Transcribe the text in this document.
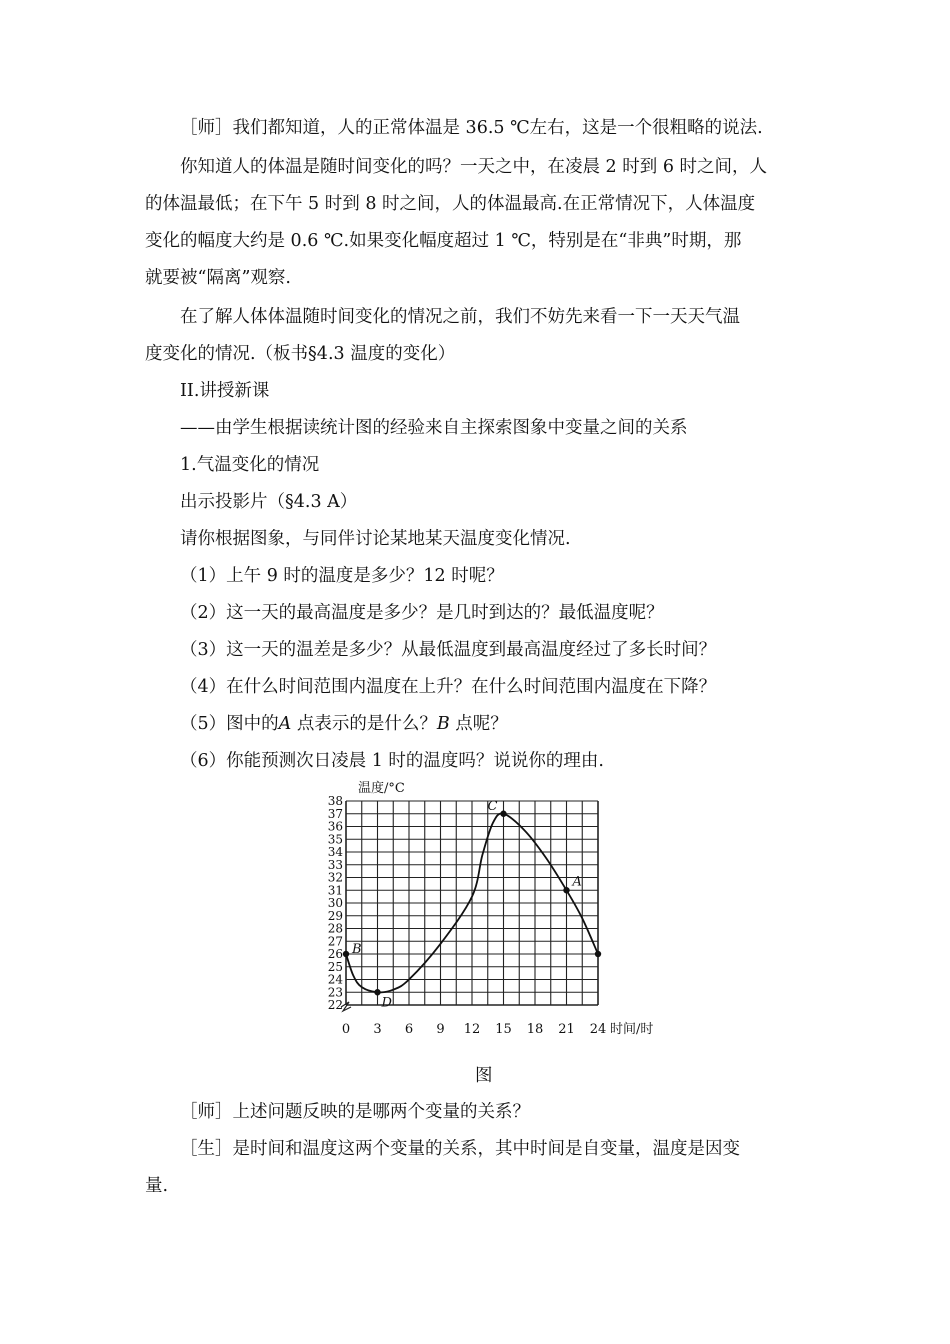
［师］我们都知道，人的正常体温是 36.5 ℃左右，这是一个很粗略的说法.
你知道人的体温是随时间变化的吗？一天之中，在凌晨 2 时到 6 时之间，人
的体温最低；在下午 5 时到 8 时之间，人的体温最高.在正常情况下，人体温度
变化的幅度大约是 0.6 ℃.如果变化幅度超过 1 ℃，特别是在“非典”时期，那
就要被“隔离”观察.
在了解人体体温随时间变化的情况之前，我们不妨先来看一下一天天气温
度变化的情况.（板书§4.3 温度的变化）
II.讲授新课
——由学生根据读统计图的经验来自主探索图象中变量之间的关系
1.气温变化的情况
出示投影片（§4.3 A）
请你根据图象，与同伴讨论某地某天温度变化情况.
（1）上午 9 时的温度是多少？12 时呢？
（2）这一天的最高温度是多少？是几时到达的？最低温度呢？
（3）这一天的温差是多少？从最低温度到最高温度经过了多长时间？
（4）在什么时间范围内温度在上升？在什么时间范围内温度在下降？
（5）图中的A 点表示的是什么？B 点呢？
（6）你能预测次日凌晨 1 时的温度吗？说说你的理由.
22
23
24
25
26
27
28
29
30
31
32
33
34
35
36
37
38
0 3 6 9 12 15 18 21 24
温度/°C
时间/时
B
D
C
A
图
［师］上述问题反映的是哪两个变量的关系？
［生］是时间和温度这两个变量的关系，其中时间是自变量，温度是因变
量.
